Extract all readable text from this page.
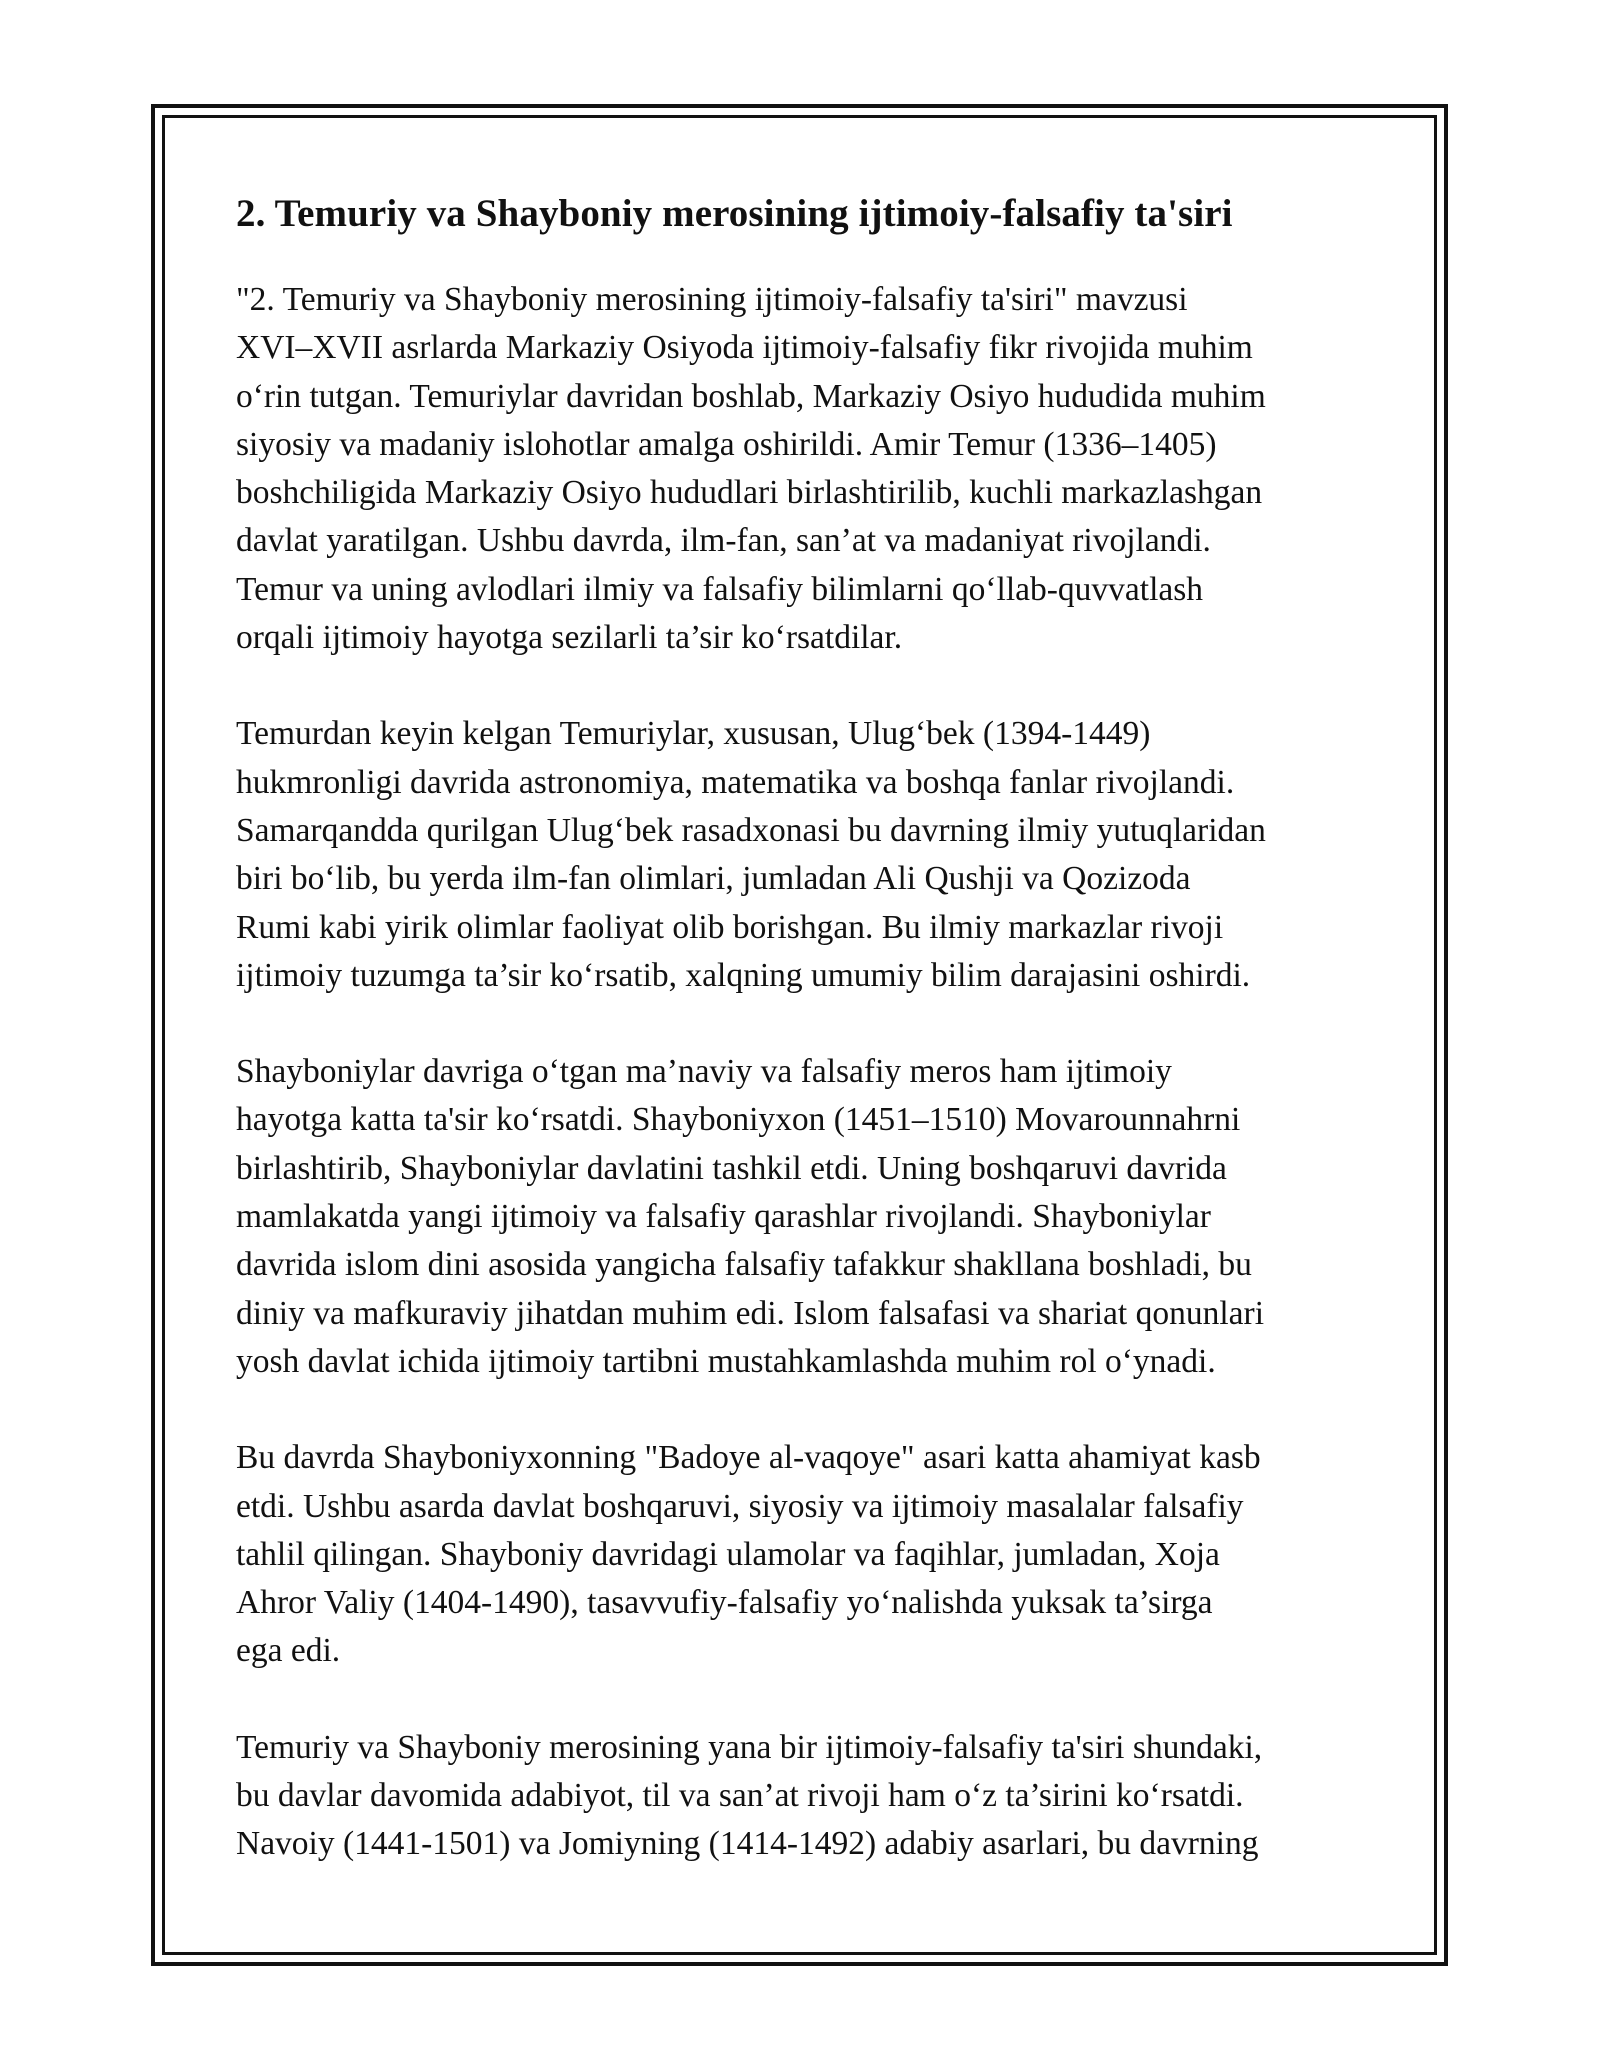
2. Temuriy va Shayboniy merosining ijtimoiy-falsafiy ta'siri

"2. Temuriy va Shayboniy merosining ijtimoiy-falsafiy ta'siri" mavzusi
XVI–XVII asrlarda Markaziy Osiyoda ijtimoiy-falsafiy fikr rivojida muhim
o‘rin tutgan. Temuriylar davridan boshlab, Markaziy Osiyo hududida muhim
siyosiy va madaniy islohotlar amalga oshirildi. Amir Temur (1336–1405)
boshchiligida Markaziy Osiyo hududlari birlashtirilib, kuchli markazlashgan
davlat yaratilgan. Ushbu davrda, ilm-fan, san’at va madaniyat rivojlandi.
Temur va uning avlodlari ilmiy va falsafiy bilimlarni qo‘llab-quvvatlash
orqali ijtimoiy hayotga sezilarli ta’sir ko‘rsatdilar.

Temurdan keyin kelgan Temuriylar, xususan, Ulug‘bek (1394-1449)
hukmronligi davrida astronomiya, matematika va boshqa fanlar rivojlandi.
Samarqandda qurilgan Ulug‘bek rasadxonasi bu davrning ilmiy yutuqlaridan
biri bo‘lib, bu yerda ilm-fan olimlari, jumladan Ali Qushji va Qozizoda
Rumi kabi yirik olimlar faoliyat olib borishgan. Bu ilmiy markazlar rivoji
ijtimoiy tuzumga ta’sir ko‘rsatib, xalqning umumiy bilim darajasini oshirdi.

Shayboniylar davriga o‘tgan ma’naviy va falsafiy meros ham ijtimoiy
hayotga katta ta'sir ko‘rsatdi. Shayboniyxon (1451–1510) Movarounnahrni
birlashtirib, Shayboniylar davlatini tashkil etdi. Uning boshqaruvi davrida
mamlakatda yangi ijtimoiy va falsafiy qarashlar rivojlandi. Shayboniylar
davrida islom dini asosida yangicha falsafiy tafakkur shakllana boshladi, bu
diniy va mafkuraviy jihatdan muhim edi. Islom falsafasi va shariat qonunlari
yosh davlat ichida ijtimoiy tartibni mustahkamlashda muhim rol o‘ynadi.

Bu davrda Shayboniyxonning "Badoye al-vaqoye" asari katta ahamiyat kasb
etdi. Ushbu asarda davlat boshqaruvi, siyosiy va ijtimoiy masalalar falsafiy
tahlil qilingan. Shayboniy davridagi ulamolar va faqihlar, jumladan, Xoja
Ahror Valiy (1404-1490), tasavvufiy-falsafiy yo‘nalishda yuksak ta’sirga
ega edi.

Temuriy va Shayboniy merosining yana bir ijtimoiy-falsafiy ta'siri shundaki,
bu davlar davomida adabiyot, til va san’at rivoji ham o‘z ta’sirini ko‘rsatdi.
Navoiy (1441-1501) va Jomiyning (1414-1492) adabiy asarlari, bu davrning
